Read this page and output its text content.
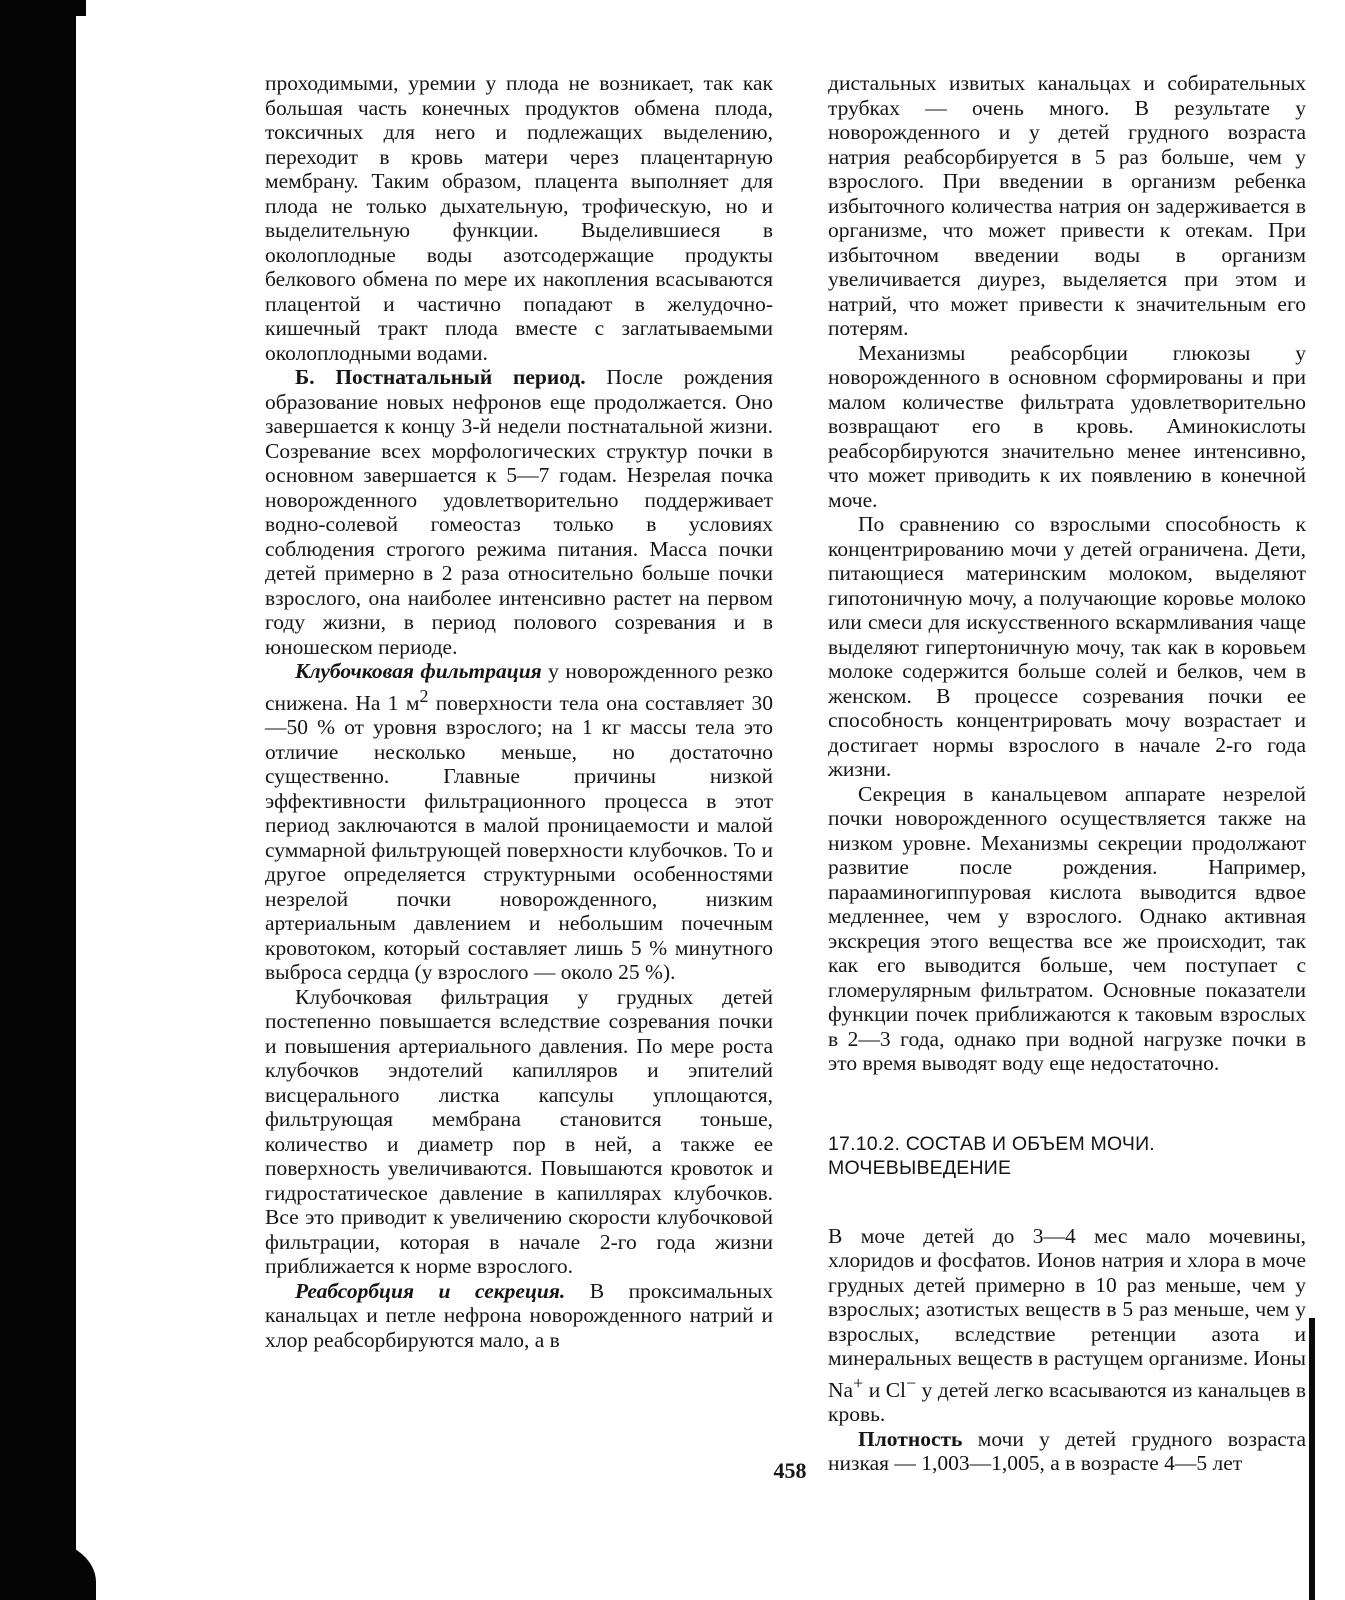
проходимыми, уремии у плода не возникает, так как большая часть конечных продуктов обмена плода, токсичных для него и подлежащих выделению, переходит в кровь матери через плацентарную мембрану. Таким образом, плацента выполняет для плода не только дыхательную, трофическую, но и выделительную функции. Выделившиеся в околоплодные воды азотсодержащие продукты белкового обмена по мере их накопления всасываются плацентой и частично попадают в желудочно-кишечный тракт плода вместе с заглатываемыми околоплодными водами.

Б. Постнатальный период. После рождения образование новых нефронов еще продолжается. Оно завершается к концу 3-й недели постнатальной жизни. Созревание всех морфологических структур почки в основном завершается к 5—7 годам. Незрелая почка новорожденного удовлетворительно поддерживает водно-солевой гомеостаз только в условиях соблюдения строгого режима питания. Масса почки детей примерно в 2 раза относительно больше почки взрослого, она наиболее интенсивно растет на первом году жизни, в период полового созревания и в юношеском периоде.

Клубочковая фильтрация у новорожденного резко снижена. На 1 $м^2$ поверхности тела она составляет 30—50 % от уровня взрослого; на 1 кг массы тела это отличие несколько меньше, но достаточно существенно. Главные причины низкой эффективности фильтрационного процесса в этот период заключаются в малой проницаемости и малой суммарной фильтрующей поверхности клубочков. То и другое определяется структурными особенностями незрелой почки новорожденного, низким артериальным давлением и небольшим почечным кровотоком, который составляет лишь 5 % минутного выброса сердца (у взрослого — около 25 %).

Клубочковая фильтрация у грудных детей постепенно повышается вследствие созревания почки и повышения артериального давления. По мере роста клубочков эндотелий капилляров и эпителий висцерального листка капсулы уплощаются, фильтрующая мембрана становится тоньше, количество и диаметр пор в ней, а также ее поверхность увеличиваются. Повышаются кровоток и гидростатическое давление в капиллярах клубочков. Все это приводит к увеличению скорости клубочковой фильтрации, которая в начале 2-го года жизни приближается к норме взрослого.

Реабсорбция и секреция. В проксимальных канальцах и петле нефрона новорожденного натрий и хлор реабсорбируются мало, а в

дистальных извитых канальцах и собирательных трубках — очень много. В результате у новорожденного и у детей грудного возраста натрия реабсорбируется в 5 раз больше, чем у взрослого. При введении в организм ребенка избыточного количества натрия он задерживается в организме, что может привести к отекам. При избыточном введении воды в организм увеличивается диурез, выделяется при этом и натрий, что может привести к значительным его потерям.

Механизмы реабсорбции глюкозы у новорожденного в основном сформированы и при малом количестве фильтрата удовлетворительно возвращают его в кровь. Аминокислоты реабсорбируются значительно менее интенсивно, что может приводить к их появлению в конечной моче.

По сравнению со взрослыми способность к концентрированию мочи у детей ограничена. Дети, питающиеся материнским молоком, выделяют гипотоничную мочу, а получающие коровье молоко или смеси для искусственного вскармливания чаще выделяют гипертоничную мочу, так как в коровьем молоке содержится больше солей и белков, чем в женском. В процессе созревания почки ее способность концентрировать мочу возрастает и достигает нормы взрослого в начале 2-го года жизни.

Секреция в канальцевом аппарате незрелой почки новорожденного осуществляется также на низком уровне. Механизмы секреции продолжают развитие после рождения. Например, парааминогиппуровая кислота выводится вдвое медленнее, чем у взрослого. Однако активная экскреция этого вещества все же происходит, так как его выводится больше, чем поступает с гломерулярным фильтратом. Основные показатели функции почек приближаются к таковым взрослых в 2—3 года, однако при водной нагрузке почки в это время выводят воду еще недостаточно.

17.10.2. СОСТАВ И ОБЪЕМ МОЧИ.
МОЧЕВЫВЕДЕНИЕ

В моче детей до 3—4 мес мало мочевины, хлоридов и фосфатов. Ионов натрия и хлора в моче грудных детей примерно в 10 раз меньше, чем у взрослых; азотистых веществ в 5 раз меньше, чем у взрослых, вследствие ретенции азота и минеральных веществ в растущем организме. Ионы Na+ и Cl− у детей легко всасываются из канальцев в кровь.

Плотность мочи у детей грудного возраста низкая — 1,003—1,005, а в возрасте 4—5 лет

458
